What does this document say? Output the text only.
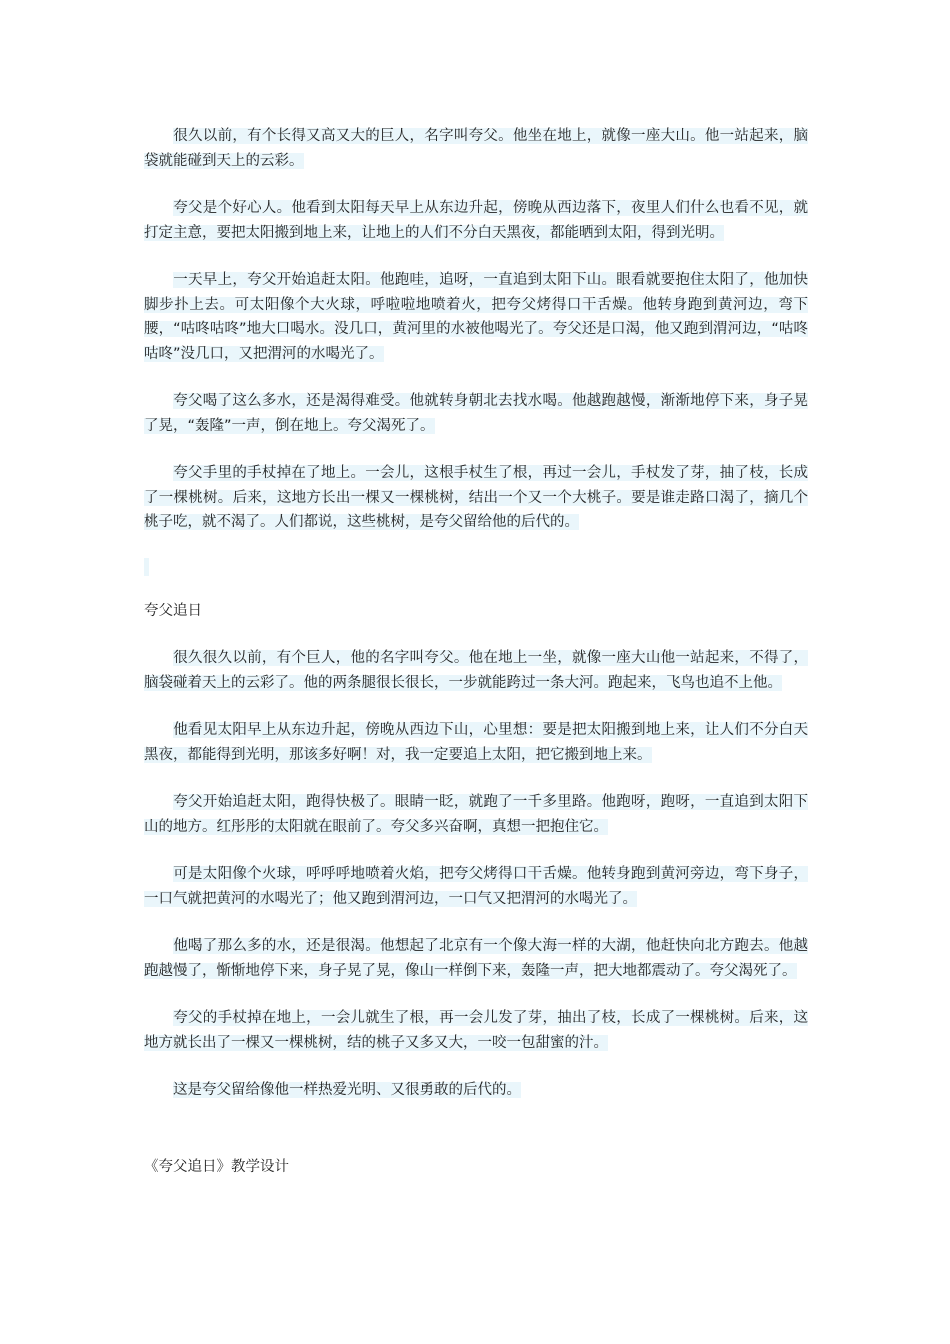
很久以前，有个长得又高又大的巨人，名字叫夸父。他坐在地上，就像一座大山。他一站起来，脑袋就能碰到天上的云彩。

夸父是个好心人。他看到太阳每天早上从东边升起，傍晚从西边落下，夜里人们什么也看不见，就打定主意，要把太阳搬到地上来，让地上的人们不分白天黑夜，都能晒到太阳，得到光明。

一天早上，夸父开始追赶太阳。他跑哇，追呀，一直追到太阳下山。眼看就要抱住太阳了，他加快脚步扑上去。可太阳像个大火球，呼啦啦地喷着火，把夸父烤得口干舌燥。他转身跑到黄河边，弯下腰，“咕咚咕咚”地大口喝水。没几口，黄河里的水被他喝光了。夸父还是口渴，他又跑到渭河边，“咕咚咕咚”没几口，又把渭河的水喝光了。

夸父喝了这么多水，还是渴得难受。他就转身朝北去找水喝。他越跑越慢，渐渐地停下来，身子晃了晃，“轰隆”一声，倒在地上。夸父渴死了。

夸父手里的手杖掉在了地上。一会儿，这根手杖生了根，再过一会儿，手杖发了芽，抽了枝，长成了一棵桃树。后来，这地方长出一棵又一棵桃树，结出一个又一个大桃子。要是谁走路口渴了，摘几个桃子吃，就不渴了。人们都说，这些桃树，是夸父留给他的后代的。

夸父追日

很久很久以前，有个巨人，他的名字叫夸父。他在地上一坐，就像一座大山他一站起来，不得了，脑袋碰着天上的云彩了。他的两条腿很长很长，一步就能跨过一条大河。跑起来，飞鸟也追不上他。

他看见太阳早上从东边升起，傍晚从西边下山，心里想：要是把太阳搬到地上来，让人们不分白天黑夜，都能得到光明，那该多好啊！对，我一定要追上太阳，把它搬到地上来。

夸父开始追赶太阳，跑得快极了。眼睛一眨，就跑了一千多里路。他跑呀，跑呀，一直追到太阳下山的地方。红彤彤的太阳就在眼前了。夸父多兴奋啊，真想一把抱住它。

可是太阳像个火球，呼呼呼地喷着火焰，把夸父烤得口干舌燥。他转身跑到黄河旁边，弯下身子，一口气就把黄河的水喝光了；他又跑到渭河边，一口气又把渭河的水喝光了。

他喝了那么多的水，还是很渴。他想起了北京有一个像大海一样的大湖，他赶快向北方跑去。他越跑越慢了，惭惭地停下来，身子晃了晃，像山一样倒下来，轰隆一声，把大地都震动了。夸父渴死了。

夸父的手杖掉在地上，一会儿就生了根，再一会儿发了芽，抽出了枝，长成了一棵桃树。后来，这地方就长出了一棵又一棵桃树，结的桃子又多又大，一咬一包甜蜜的汁。

这是夸父留给像他一样热爱光明、又很勇敢的后代的。

《夸父追日》教学设计
